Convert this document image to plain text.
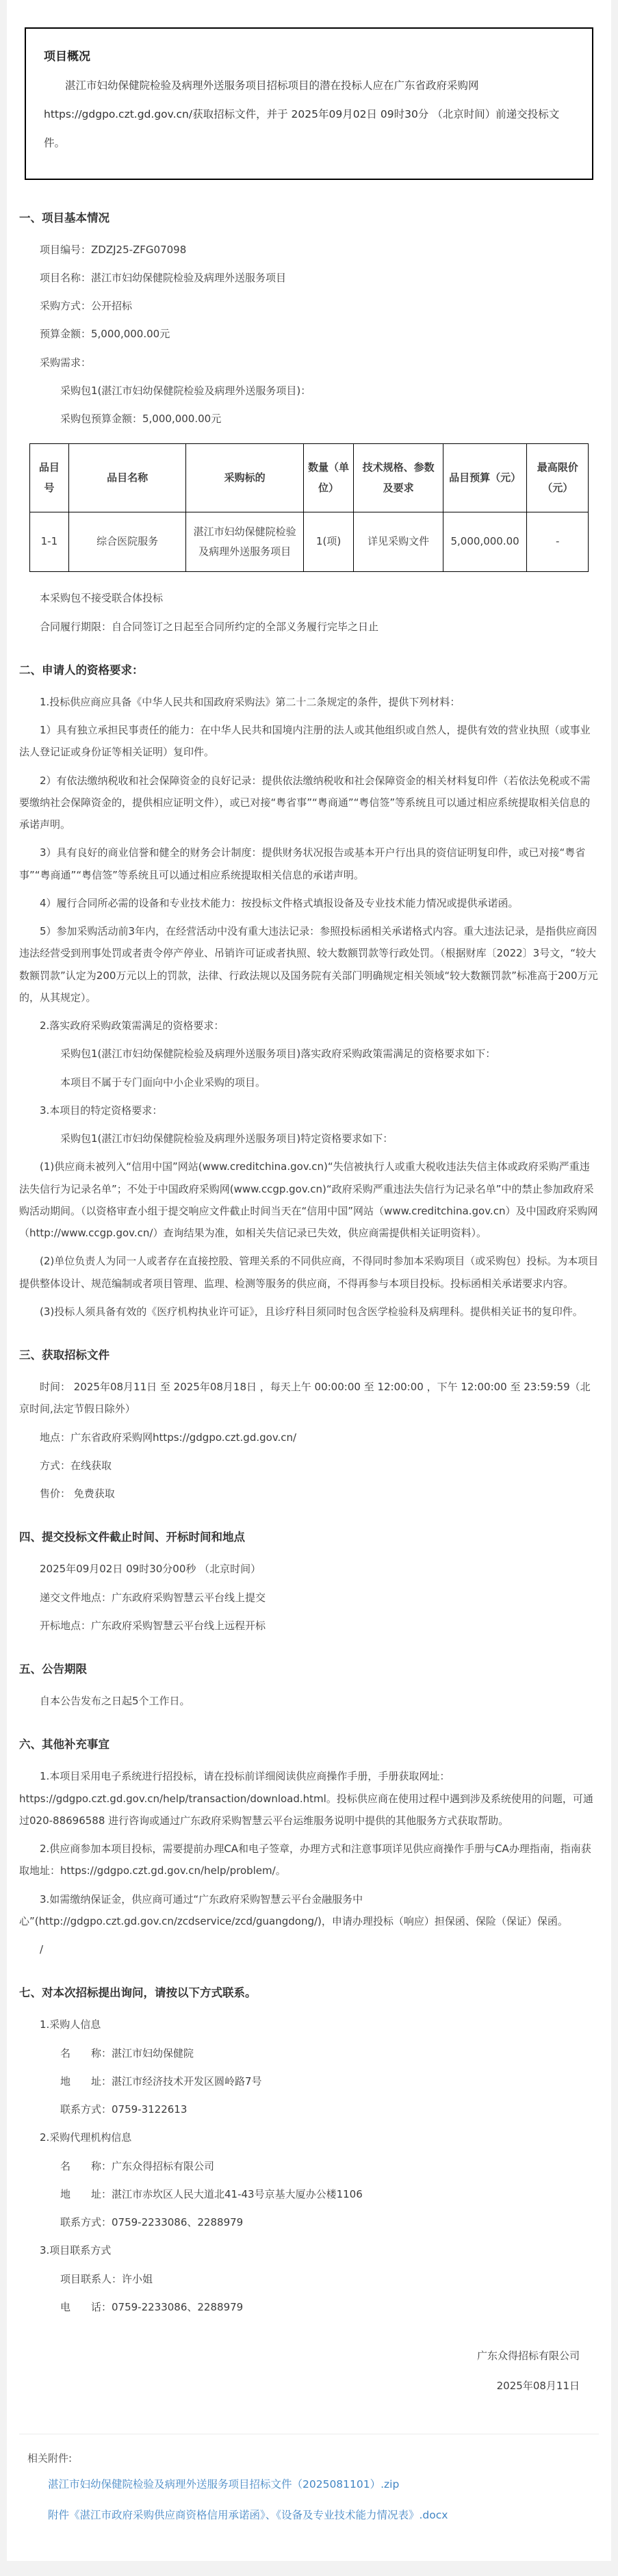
项目概况
湛江市妇幼保健院检验及病理外送服务项目招标项目的潜在投标人应在广东省政府采购网https://gdgpo.czt.gd.gov.cn/获取招标文件，并于 2025年09月02日 09时30分 （北京时间）前递交投标文件。
一、项目基本情况
项目编号：ZDZJ25-ZFG07098
项目名称：湛江市妇幼保健院检验及病理外送服务项目
采购方式：公开招标
预算金额：5,000,000.00元
采购需求：
采购包1(湛江市妇幼保健院检验及病理外送服务项目)：
采购包预算金额：5,000,000.00元
品目号	品目名称	采购标的	数量（单位）	技术规格、参数及要求	品目预算（元）	最高限价（元）
1-1	综合医院服务	湛江市妇幼保健院检验及病理外送服务项目	1(项)	详见采购文件	5,000,000.00	-
本采购包不接受联合体投标
合同履行期限：自合同签订之日起至合同所约定的全部义务履行完毕之日止
二、申请人的资格要求：
1.投标供应商应具备《中华人民共和国政府采购法》第二十二条规定的条件，提供下列材料：
1）具有独立承担民事责任的能力：在中华人民共和国境内注册的法人或其他组织或自然人，提供有效的营业执照（或事业法人登记证或身份证等相关证明）复印件。
2）有依法缴纳税收和社会保障资金的良好记录：提供依法缴纳税收和社会保障资金的相关材料复印件（若依法免税或不需要缴纳社会保障资金的，提供相应证明文件），或已对接“粤省事”“粤商通”“粤信签”等系统且可以通过相应系统提取相关信息的承诺声明。
3）具有良好的商业信誉和健全的财务会计制度：提供财务状况报告或基本开户行出具的资信证明复印件，或已对接“粤省事”“粤商通”“粤信签”等系统且可以通过相应系统提取相关信息的承诺声明。
4）履行合同所必需的设备和专业技术能力：按投标文件格式填报设备及专业技术能力情况或提供承诺函。
5）参加采购活动前3年内，在经营活动中没有重大违法记录：参照投标函相关承诺格式内容。重大违法记录，是指供应商因违法经营受到刑事处罚或者责令停产停业、吊销许可证或者执照、较大数额罚款等行政处罚。（根据财库〔2022〕3号文，“较大数额罚款”认定为200万元以上的罚款，法律、行政法规以及国务院有关部门明确规定相关领域“较大数额罚款”标准高于200万元的，从其规定）。
2.落实政府采购政策需满足的资格要求：
采购包1(湛江市妇幼保健院检验及病理外送服务项目)落实政府采购政策需满足的资格要求如下：
本项目不属于专门面向中小企业采购的项目。
3.本项目的特定资格要求：
采购包1(湛江市妇幼保健院检验及病理外送服务项目)特定资格要求如下：
(1)供应商未被列入“信用中国”网站(www.creditchina.gov.cn)“失信被执行人或重大税收违法失信主体或政府采购严重违法失信行为记录名单”；不处于中国政府采购网(www.ccgp.gov.cn)“政府采购严重违法失信行为记录名单”中的禁止参加政府采购活动期间。（以资格审查小组于提交响应文件截止时间当天在“信用中国”网站（www.creditchina.gov.cn）及中国政府采购网（http://www.ccgp.gov.cn/）查询结果为准，如相关失信记录已失效，供应商需提供相关证明资料）。
(2)单位负责人为同一人或者存在直接控股、管理关系的不同供应商，不得同时参加本采购项目（或采购包）投标。为本项目提供整体设计、规范编制或者项目管理、监理、检测等服务的供应商，不得再参与本项目投标。投标函相关承诺要求内容。
(3)投标人须具备有效的《医疗机构执业许可证》，且诊疗科目须同时包含医学检验科及病理科。提供相关证书的复印件。
三、获取招标文件
时间： 2025年08月11日 至 2025年08月18日 ，每天上午 00:00:00 至 12:00:00 ，下午 12:00:00 至 23:59:59（北京时间,法定节假日除外）
地点：广东省政府采购网https://gdgpo.czt.gd.gov.cn/
方式：在线获取
售价： 免费获取
四、提交投标文件截止时间、开标时间和地点
2025年09月02日 09时30分00秒 （北京时间）
递交文件地点：广东政府采购智慧云平台线上提交
开标地点：广东政府采购智慧云平台线上远程开标
五、公告期限
自本公告发布之日起5个工作日。
六、其他补充事宜
1.本项目采用电子系统进行招投标，请在投标前详细阅读供应商操作手册，手册获取网址：https://gdgpo.czt.gd.gov.cn/help/transaction/download.html。投标供应商在使用过程中遇到涉及系统使用的问题，可通过020-88696588 进行咨询或通过广东政府采购智慧云平台运维服务说明中提供的其他服务方式获取帮助。
2.供应商参加本项目投标，需要提前办理CA和电子签章，办理方式和注意事项详见供应商操作手册与CA办理指南，指南获取地址：https://gdgpo.czt.gd.gov.cn/help/problem/。
3.如需缴纳保证金，供应商可通过“广东政府采购智慧云平台金融服务中心”(http://gdgpo.czt.gd.gov.cn/zcdservice/zcd/guangdong/)，申请办理投标（响应）担保函、保险（保证）保函。
/
七、对本次招标提出询问，请按以下方式联系。
1.采购人信息
名　　称：湛江市妇幼保健院
地　　址：湛江市经济技术开发区圆岭路7号
联系方式：0759-3122613
2.采购代理机构信息
名　　称：广东众得招标有限公司
地　　址：湛江市赤坎区人民大道北41-43号京基大厦办公楼1106
联系方式：0759-2233086、2288979
3.项目联系方式
项目联系人：许小姐
电　　话：0759-2233086、2288979
广东众得招标有限公司
2025年08月11日
相关附件:
湛江市妇幼保健院检验及病理外送服务项目招标文件（2025081101）.zip
附件《湛江市政府采购供应商资格信用承诺函》、《设备及专业技术能力情况表》.docx
